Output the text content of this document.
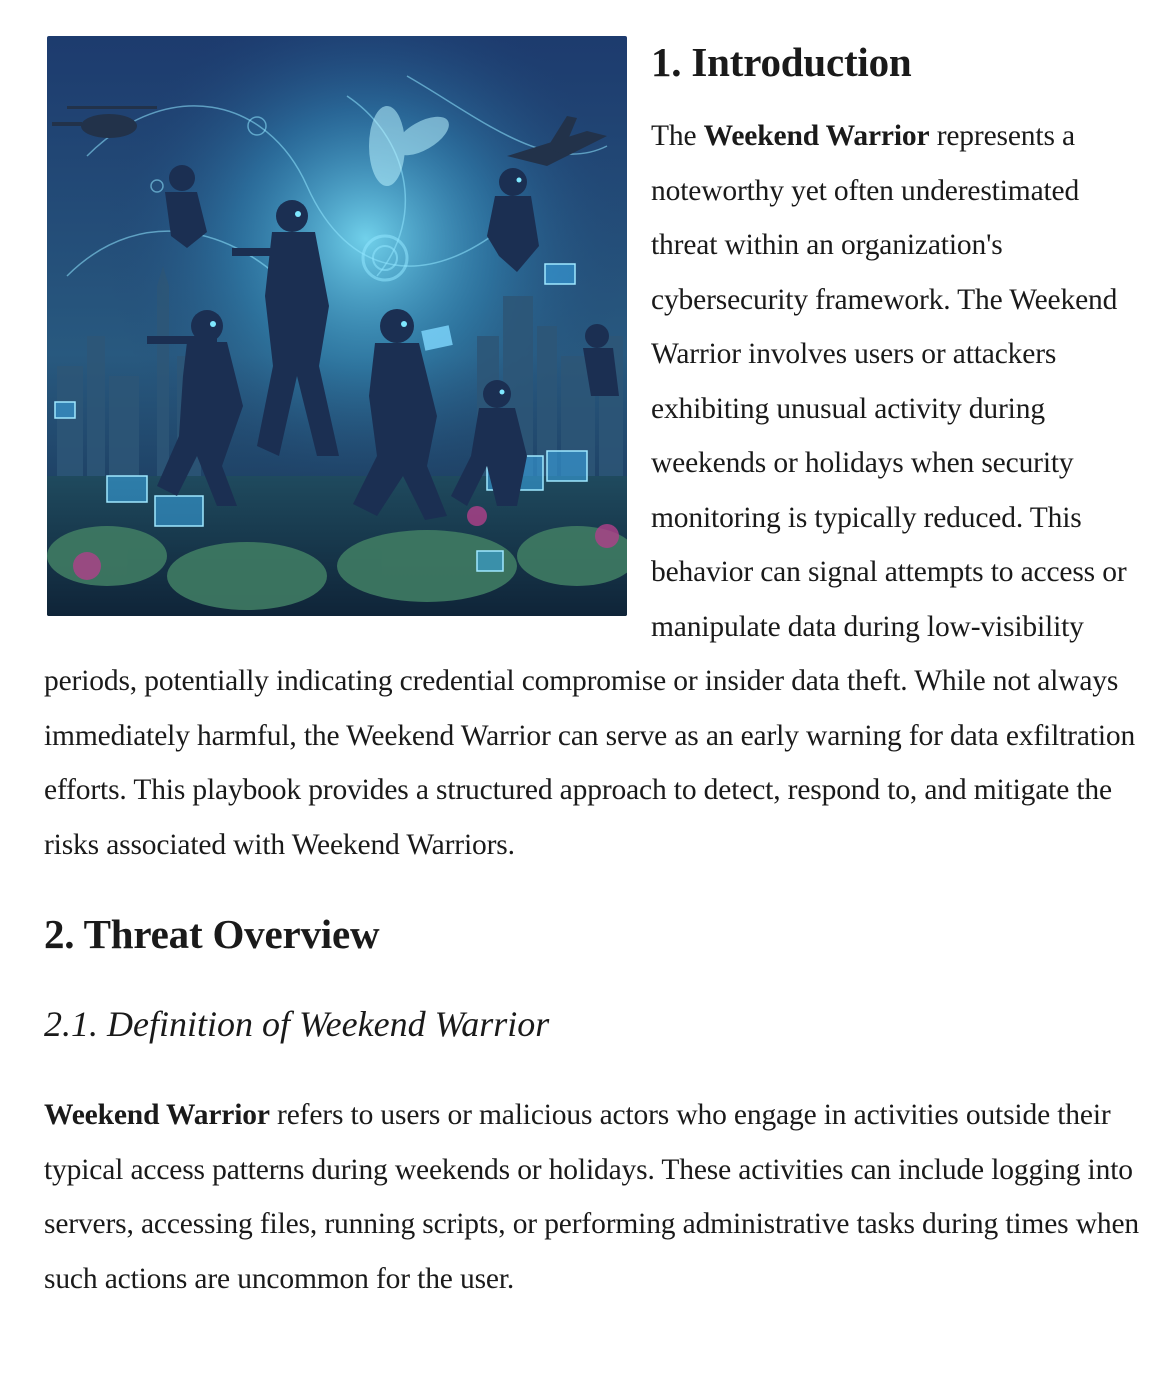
1. Introduction

The Weekend Warrior represents a noteworthy yet often underestimated threat within an organization's cybersecurity framework. The Weekend Warrior involves users or attackers exhibiting unusual activity during weekends or holidays when security monitoring is typically reduced. This behavior can signal attempts to access or manipulate data during low-visibility periods, potentially indicating credential compromise or insider data theft. While not always immediately harmful, the Weekend Warrior can serve as an early warning for data exfiltration efforts. This playbook provides a structured approach to detect, respond to, and mitigate the risks associated with Weekend Warriors.

2. Threat Overview
2.1. Definition of Weekend Warrior

Weekend Warrior refers to users or malicious actors who engage in activities outside their typical access patterns during weekends or holidays. These activities can include logging into servers, accessing files, running scripts, or performing administrative tasks during times when such actions are uncommon for the user.
